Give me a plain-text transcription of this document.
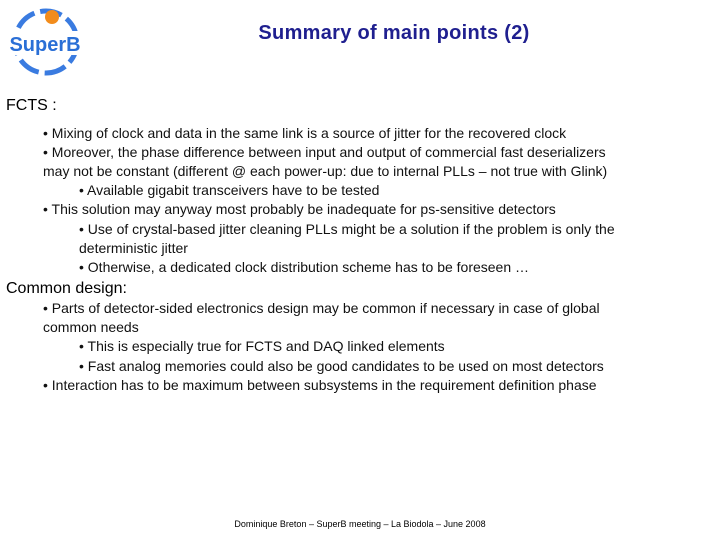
SuperB
Summary of main points (2)
FCTS :
• Mixing of clock and data in the same link is a source of jitter for the recovered clock
• Moreover, the phase difference between input and output of commercial fast deserializers
may not be constant (different @ each power-up: due to internal PLLs – not true with Glink)
• Available gigabit transceivers have to be tested
• This solution may anyway most probably be inadequate for ps-sensitive detectors
• Use of crystal-based jitter cleaning PLLs might be a solution if the problem is only the
deterministic jitter
• Otherwise, a dedicated clock distribution scheme has to be foreseen …
Common design:
• Parts of detector-sided electronics design may be common if necessary in case of global
common needs
• This is especially true for FCTS and DAQ linked elements
• Fast analog memories could also be good candidates to be used on most detectors
• Interaction has to be maximum between subsystems in the requirement definition phase
Dominique Breton – SuperB meeting – La Biodola – June 2008
